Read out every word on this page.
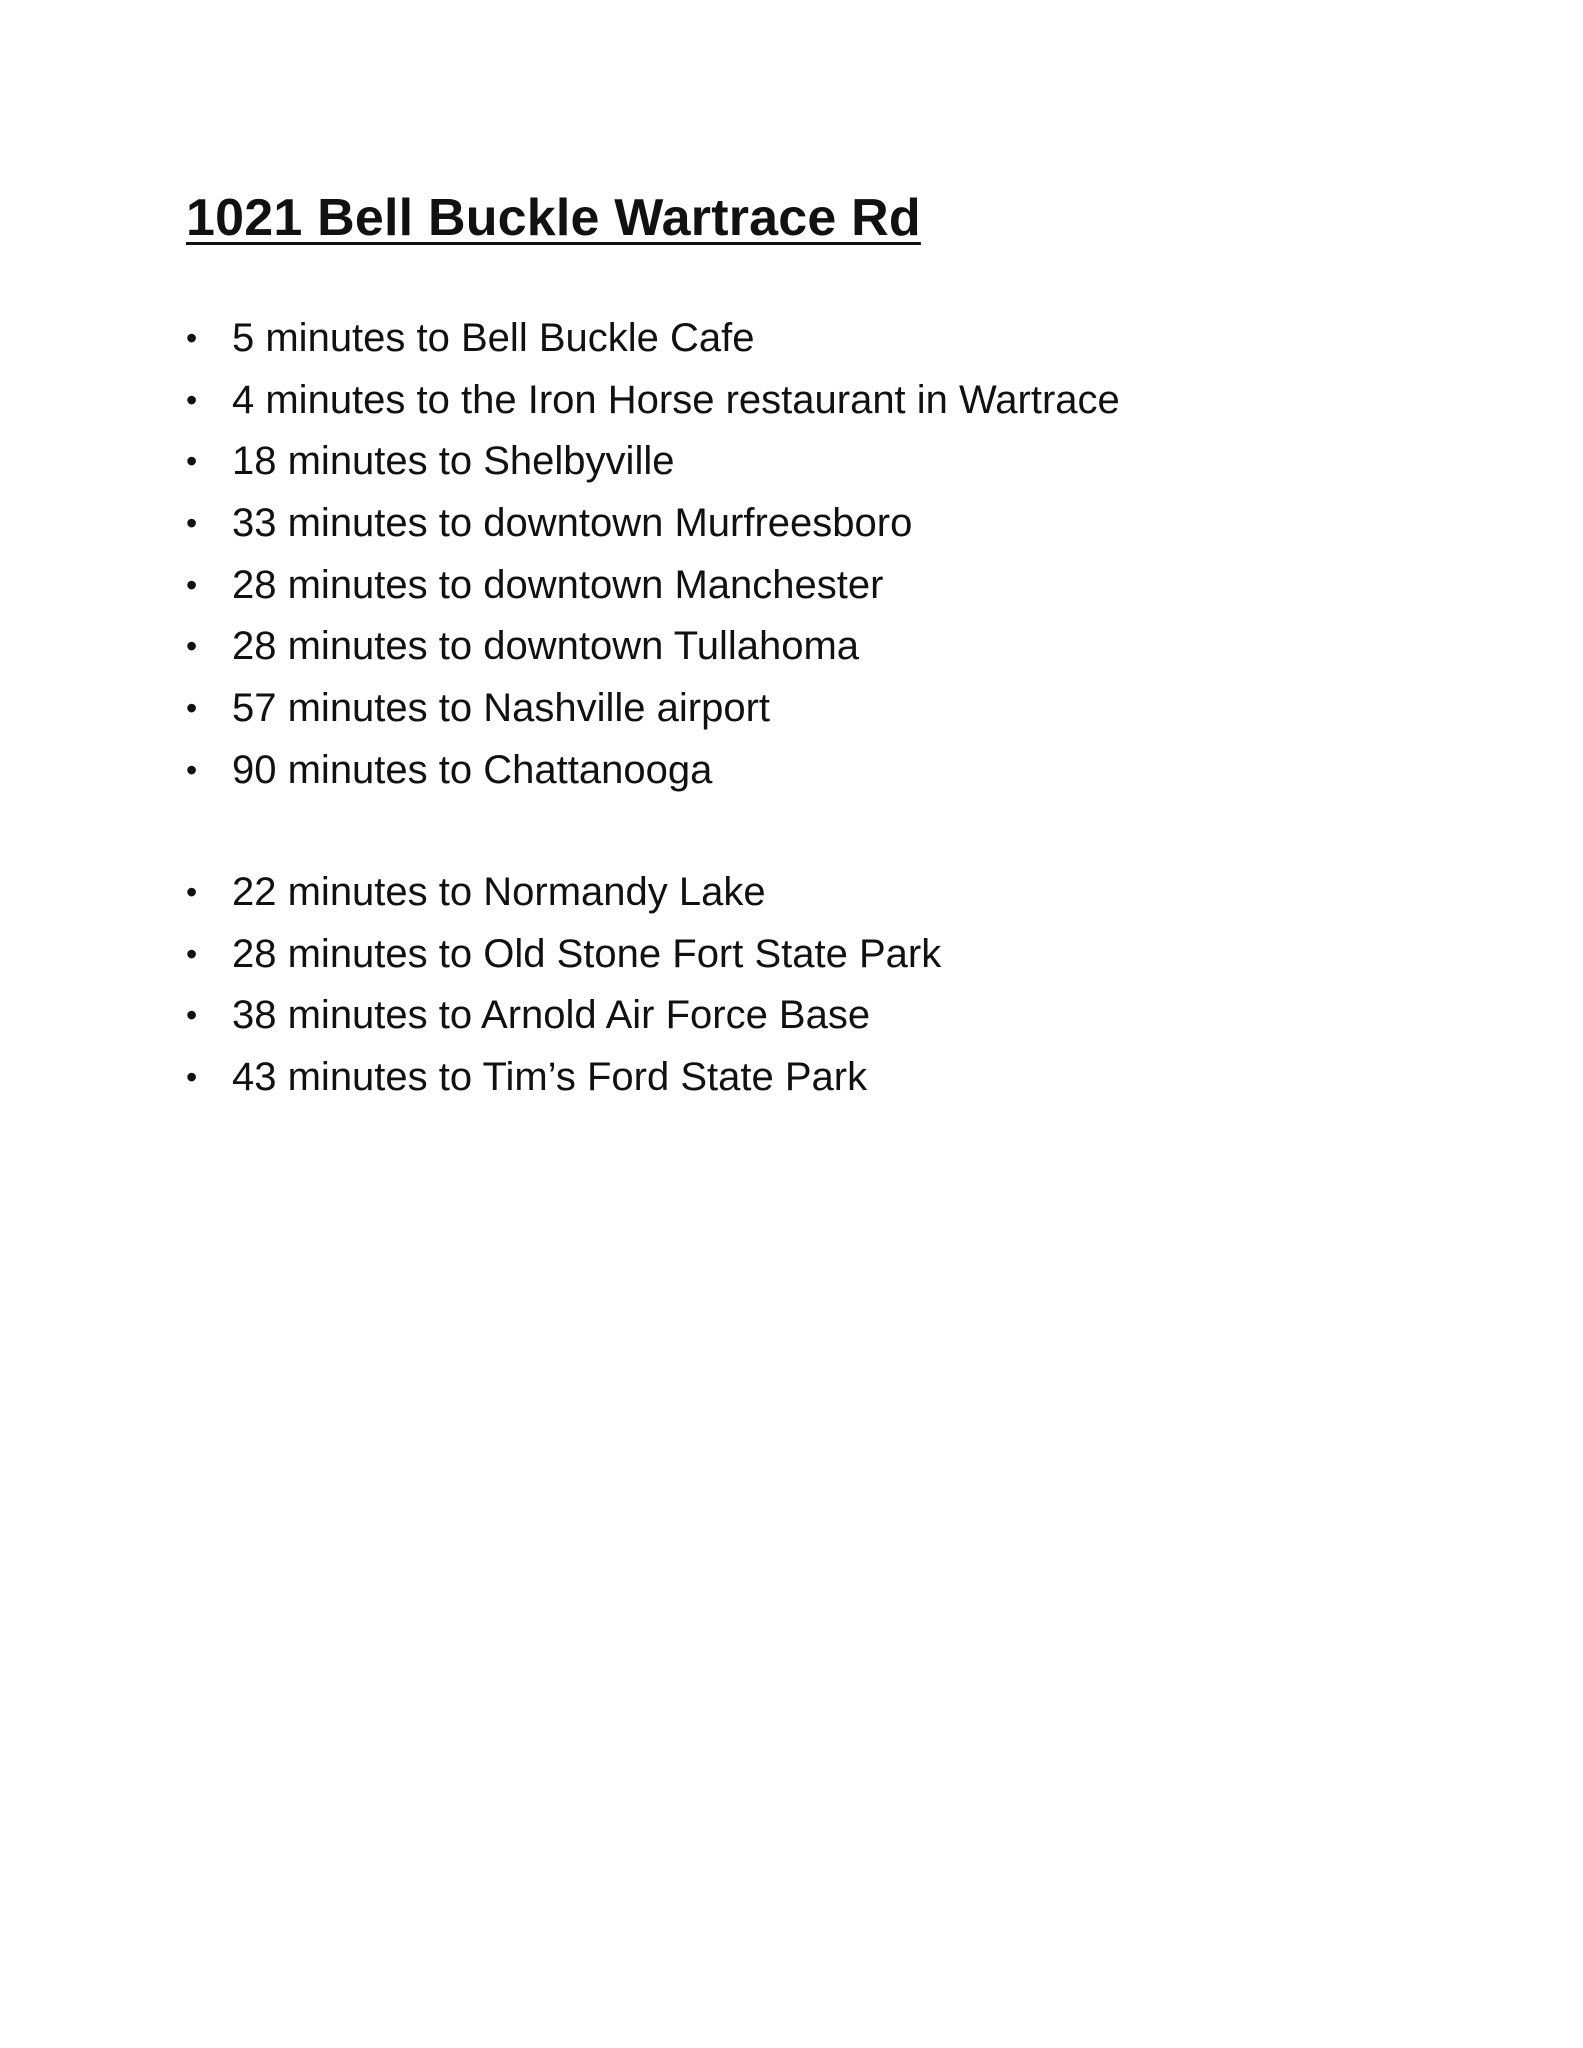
1021 Bell Buckle Wartrace Rd
•
5 minutes to Bell Buckle Cafe
•
4 minutes to the Iron Horse restaurant in Wartrace
•
18 minutes to Shelbyville
•
33 minutes to downtown Murfreesboro
•
28 minutes to downtown Manchester
•
28 minutes to downtown Tullahoma
•
57 minutes to Nashville airport
•
90 minutes to Chattanooga
•
22 minutes to Normandy Lake
•
28 minutes to Old Stone Fort State Park
•
38 minutes to Arnold Air Force Base
•
43 minutes to Tim’s Ford State Park
